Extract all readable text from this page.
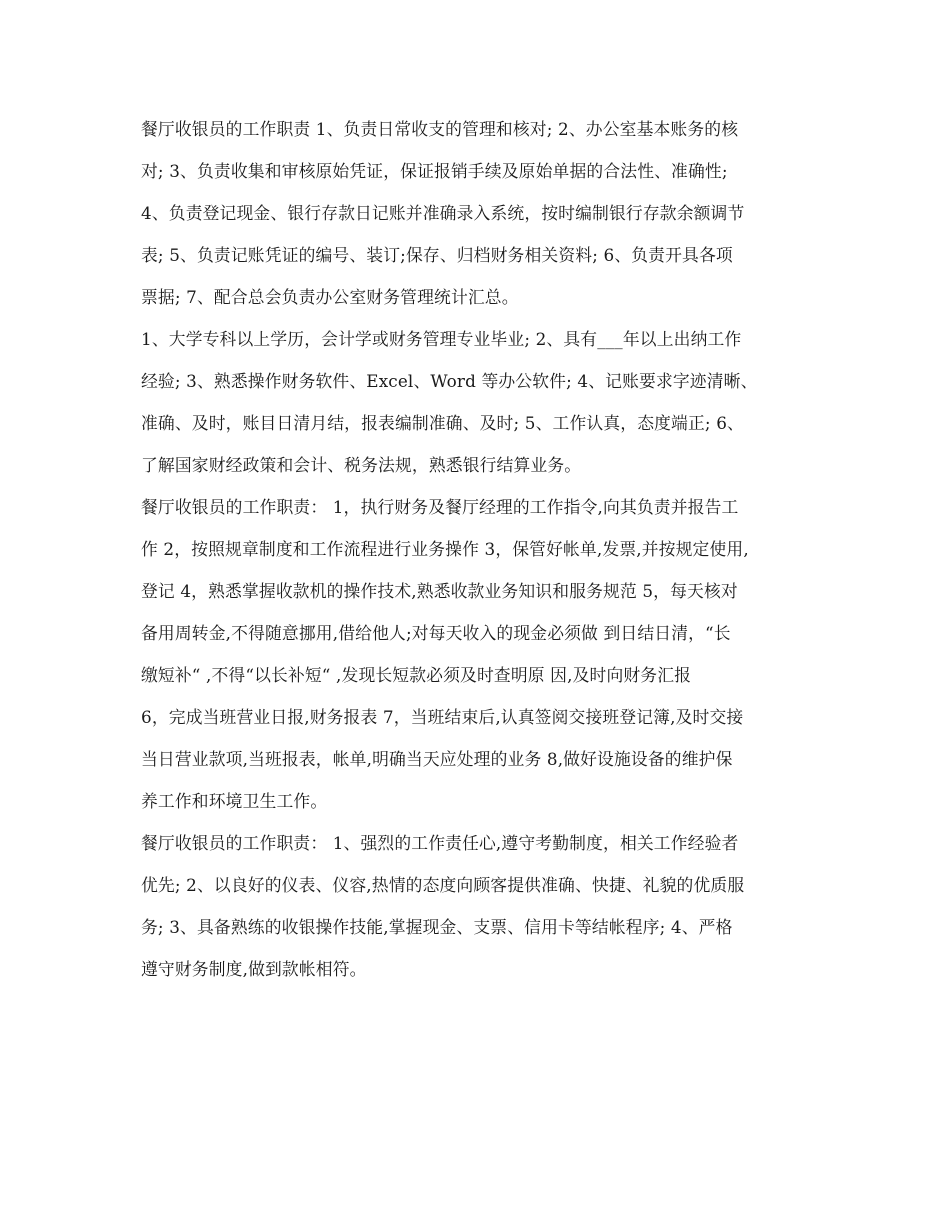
餐厅收银员的工作职责 1、负责日常收支的管理和核对; 2、办公室基本账务的核
对; 3、负责收集和审核原始凭证，保证报销手续及原始单据的合法性、准确性;
4、负责登记现金、银行存款日记账并准确录入系统，按时编制银行存款余额调节
表; 5、负责记账凭证的编号、装订;保存、归档财务相关资料; 6、负责开具各项
票据; 7、配合总会负责办公室财务管理统计汇总。
1、大学专科以上学历，会计学或财务管理专业毕业; 2、具有___年以上出纳工作
经验; 3、熟悉操作财务软件、Excel、Word 等办公软件; 4、记账要求字迹清晰、
准确、及时，账目日清月结，报表编制准确、及时; 5、工作认真，态度端正; 6、
了解国家财经政策和会计、税务法规，熟悉银行结算业务。
餐厅收银员的工作职责： 1，执行财务及餐厅经理的工作指令,向其负责并报告工
作 2，按照规章制度和工作流程进行业务操作 3，保管好帐单,发票,并按规定使用,
登记 4，熟悉掌握收款机的操作技术,熟悉收款业务知识和服务规范 5，每天核对
备用周转金,不得随意挪用,借给他人;对每天收入的现金必须做 到日结日清，“长
缴短补“ ,不得“以长补短“ ,发现长短款必须及时查明原 因,及时向财务汇报
6，完成当班营业日报,财务报表 7，当班结束后,认真签阅交接班登记簿,及时交接
当日营业款项,当班报表，帐单,明确当天应处理的业务 8,做好设施设备的维护保
养工作和环境卫生工作。
餐厅收银员的工作职责： 1、强烈的工作责任心,遵守考勤制度，相关工作经验者
优先; 2、以良好的仪表、仪容,热情的态度向顾客提供准确、快捷、礼貌的优质服
务; 3、具备熟练的收银操作技能,掌握现金、支票、信用卡等结帐程序; 4、严格
遵守财务制度,做到款帐相符。
